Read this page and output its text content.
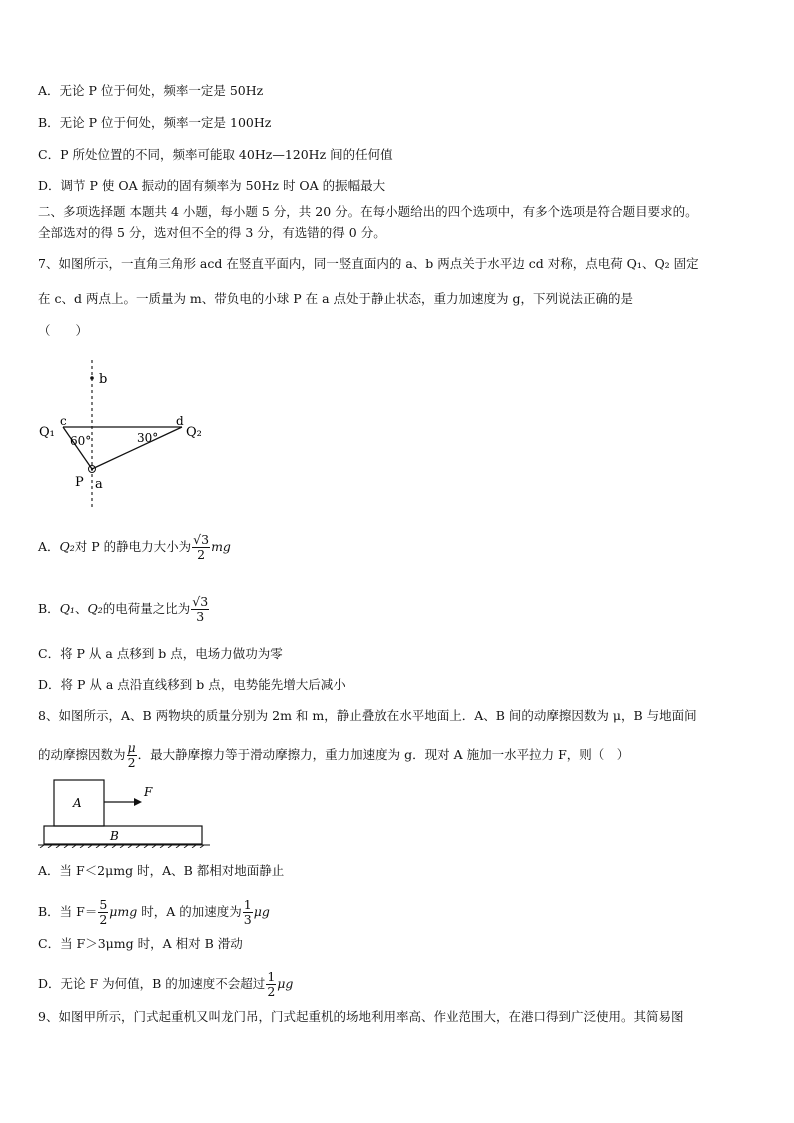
A．无论 P 位于何处，频率一定是 50Hz
B．无论 P 位于何处，频率一定是 100Hz
C．P 所处位置的不同，频率可能取 40Hz—120Hz 间的任何值
D．调节 P 使 OA 振动的固有频率为 50Hz 时 OA 的振幅最大
二、多项选择题 本题共 4 小题，每小题 5 分，共 20 分。在每小题给出的四个选项中，有多个选项是符合题目要求的。
全部选对的得 5 分，选对但不全的得 3 分，有选错的得 0 分。
7、如图所示，一直角三角形 acd 在竖直平面内，同一竖直面内的 a、b 两点关于水平边 cd 对称，点电荷 Q₁、Q₂ 固定
在 c、d 两点上。一质量为 m、带负电的小球 P 在 a 点处于静止状态，重力加速度为 g，下列说法正确的是
（　　）
b
c	d
Q₁	Q₂
60°	30°
P a
A．Q₂对 P 的静电力大小为 $\frac{√3}{2}$ mg
B．Q₁、Q₂的电荷量之比为 $\frac{√3}{3}$
C．将 P 从 a 点移到 b 点，电场力做功为零
D．将 P 从 a 点沿直线移到 b 点，电势能先增大后减小
8、如图所示，A、B 两物块的质量分别为 2m 和 m，静止叠放在水平地面上．A、B 间的动摩擦因数为 μ，B 与地面间
的动摩擦因数为 $\frac{\mu}{2}$ ．最大静摩擦力等于滑动摩擦力，重力加速度为 g．现对 A 施加一水平拉力 F，则（　）
A
F
B
A．当 F＜2μmg 时，A、B 都相对地面静止
B．当 $F= \frac{5}{2}$ μmg 时，A 的加速度为 $\frac{1}{3}$ μg
C．当 F＞3μmg 时，A 相对 B 滑动
D．无论 F 为何值，B 的加速度不会超过 $\frac{1}{2}$ μg
9、如图甲所示，门式起重机又叫龙门吊，门式起重机的场地利用率高、作业范围大，在港口得到广泛使用。其简易图
